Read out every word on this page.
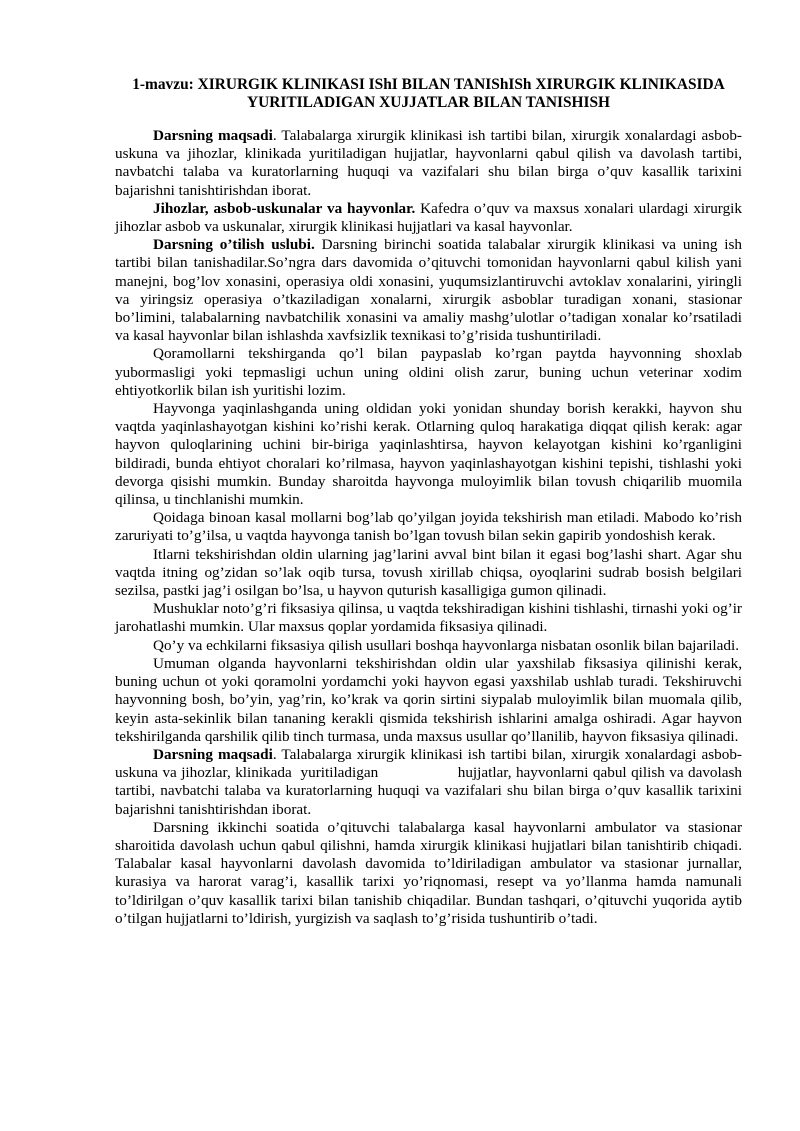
1-mavzu: XIRURGIK KLINIKASI IShI BILAN TANIShISh XIRURGIK KLINIKASIDA YURITILADIGAN XUJJATLAR BILAN TANISHISH

Darsning maqsadi. Talabalarga xirurgik klinikasi ish tartibi bilan, xirurgik xonalardagi asbob-uskuna va jihozlar, klinikada yuritiladigan hujjatlar, hayvonlarni qabul qilish va davolash tartibi, navbatchi talaba va kuratorlarning huquqi va vazifalari shu bilan birga o’quv kasallik tarixini bajarishni tanishtirishdan iborat.

Jihozlar, asbob-uskunalar va hayvonlar. Kafedra o’quv va maxsus xonalari ulardagi xirurgik jihozlar asbob va uskunalar, xirurgik klinikasi hujjatlari va kasal hayvonlar.

Darsning o’tilish uslubi. Darsning birinchi soatida talabalar xirurgik klinikasi va uning ish tartibi bilan tanishadilar.So’ngra dars davomida o’qituvchi tomonidan hayvonlarni qabul kilish yani manejni, bog’lov xonasini, operasiya oldi xonasini, yuqumsizlantiruvchi avtoklav xonalarini, yiringli va yiringsiz operasiya o’tkaziladigan xonalarni, xirurgik asboblar turadigan xonani, stasionar bo’limini, talabalarning navbatchilik xonasini va amaliy mashg’ulotlar o’tadigan xonalar ko’rsatiladi va kasal hayvonlar bilan ishlashda xavfsizlik texnikasi to’g’risida tushuntiriladi.

Qoramollarni tekshirganda qo’l bilan paypaslab ko’rgan paytda hayvonning shoxlab yubormasligi yoki tepmasligi uchun uning oldini olish zarur, buning uchun veterinar xodim ehtiyotkorlik bilan ish yuritishi lozim.

Hayvonga yaqinlashganda uning oldidan yoki yonidan shunday borish kerakki, hayvon shu vaqtda yaqinlashayotgan kishini ko’rishi kerak. Otlarning quloq harakatiga diqqat qilish kerak: agar hayvon quloqlarining uchini bir-biriga yaqinlashtirsa, hayvon kelayotgan kishini ko’rganligini bildiradi, bunda ehtiyot choralari ko’rilmasa, hayvon yaqinlashayotgan kishini tepishi, tishlashi yoki devorga qisishi mumkin. Bunday sharoitda hayvonga muloyimlik bilan tovush chiqarilib muomila qilinsa, u tinchlanishi mumkin.

Qoidaga binoan kasal mollarni bog’lab qo’yilgan joyida tekshirish man etiladi. Mabodo ko’rish zaruriyati to’g’ilsa, u vaqtda hayvonga tanish bo’lgan tovush bilan sekin gapirib yondoshish kerak.

Itlarni tekshirishdan oldin ularning jag’larini avval bint bilan it egasi bog’lashi shart. Agar shu vaqtda itning og’zidan so’lak oqib tursa, tovush xirillab chiqsa, oyoqlarini sudrab bosish belgilari sezilsa, pastki jag’i osilgan bo’lsa, u hayvon quturish kasalligiga gumon qilinadi.

Mushuklar noto’g’ri fiksasiya qilinsa, u vaqtda tekshiradigan kishini tishlashi, tirnashi yoki og’ir jarohatlashi mumkin. Ular maxsus qoplar yordamida fiksasiya qilinadi.

Qo’y va echkilarni fiksasiya qilish usullari boshqa hayvonlarga nisbatan osonlik bilan bajariladi.

Umuman olganda hayvonlarni tekshirishdan oldin ular yaxshilab fiksasiya qilinishi kerak, buning uchun ot yoki qoramolni yordamchi yoki hayvon egasi yaxshilab ushlab turadi. Tekshiruvchi hayvonning bosh, bo’yin, yag’rin, ko’krak va qorin sirtini siypalab muloyimlik bilan muomala qilib, keyin asta-sekinlik bilan tananing kerakli qismida tekshirish ishlarini amalga oshiradi. Agar hayvon tekshirilganda qarshilik qilib tinch turmasa, unda maxsus usullar qo’llanilib, hayvon fiksasiya qilinadi.

Darsning maqsadi. Talabalarga xirurgik klinikasi ish tartibi bilan, xirurgik xonalardagi asbob-uskuna va jihozlar, klinikada  yuritiladigan                  hujjatlar, hayvonlarni qabul qilish va davolash tartibi, navbatchi talaba va kuratorlarning huquqi va vazifalari shu bilan birga o’quv kasallik tarixini bajarishni tanishtirishdan iborat.

Darsning ikkinchi soatida o’qituvchi talabalarga kasal hayvonlarni ambulator va stasionar sharoitida davolash uchun qabul qilishni, hamda xirurgik klinikasi hujjatlari bilan tanishtirib chiqadi. Talabalar kasal hayvonlarni davolash davomida to’ldiriladigan ambulator va stasionar jurnallar, kurasiya va harorat varag’i, kasallik tarixi yo’riqnomasi, resept va yo’llanma hamda namunali to’ldirilgan o’quv kasallik tarixi bilan tanishib chiqadilar. Bundan tashqari, o’qituvchi yuqorida aytib o’tilgan hujjatlarni to’ldirish, yurgizish va saqlash to’g’risida tushuntirib o’tadi.
